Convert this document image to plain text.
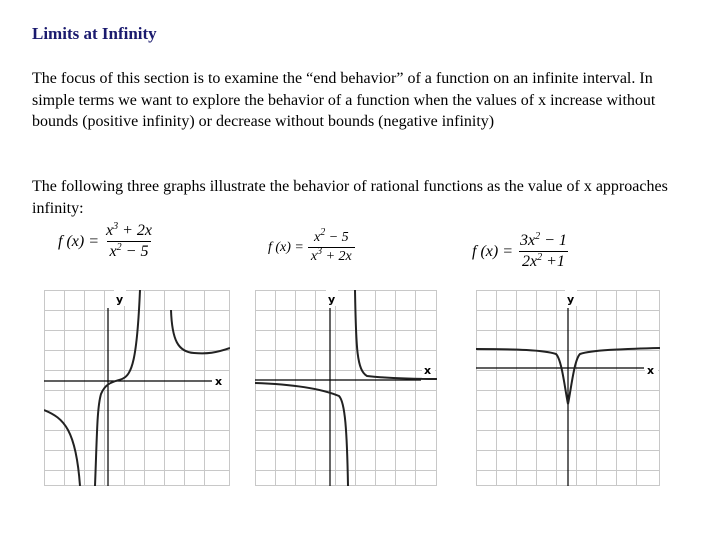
Limits at Infinity
The focus of this section is to examine the “end behavior” of a function on an infinite interval. In simple terms we want to explore the behavior of a function when the values of x increase without bounds (positive infinity) or decrease without bounds (negative infinity)
The following three graphs illustrate the behavior of rational functions as the value of x approaches infinity:
f $(x) = \frac{x^3 + 2x}{x^2 - 5}$	f $(x) = \frac{x^2 - 5}{x^3 + 2x}$	f $(x) = \frac{3x^2 - 1}{2x^2 +1}$
y
x
y
x
y
x
